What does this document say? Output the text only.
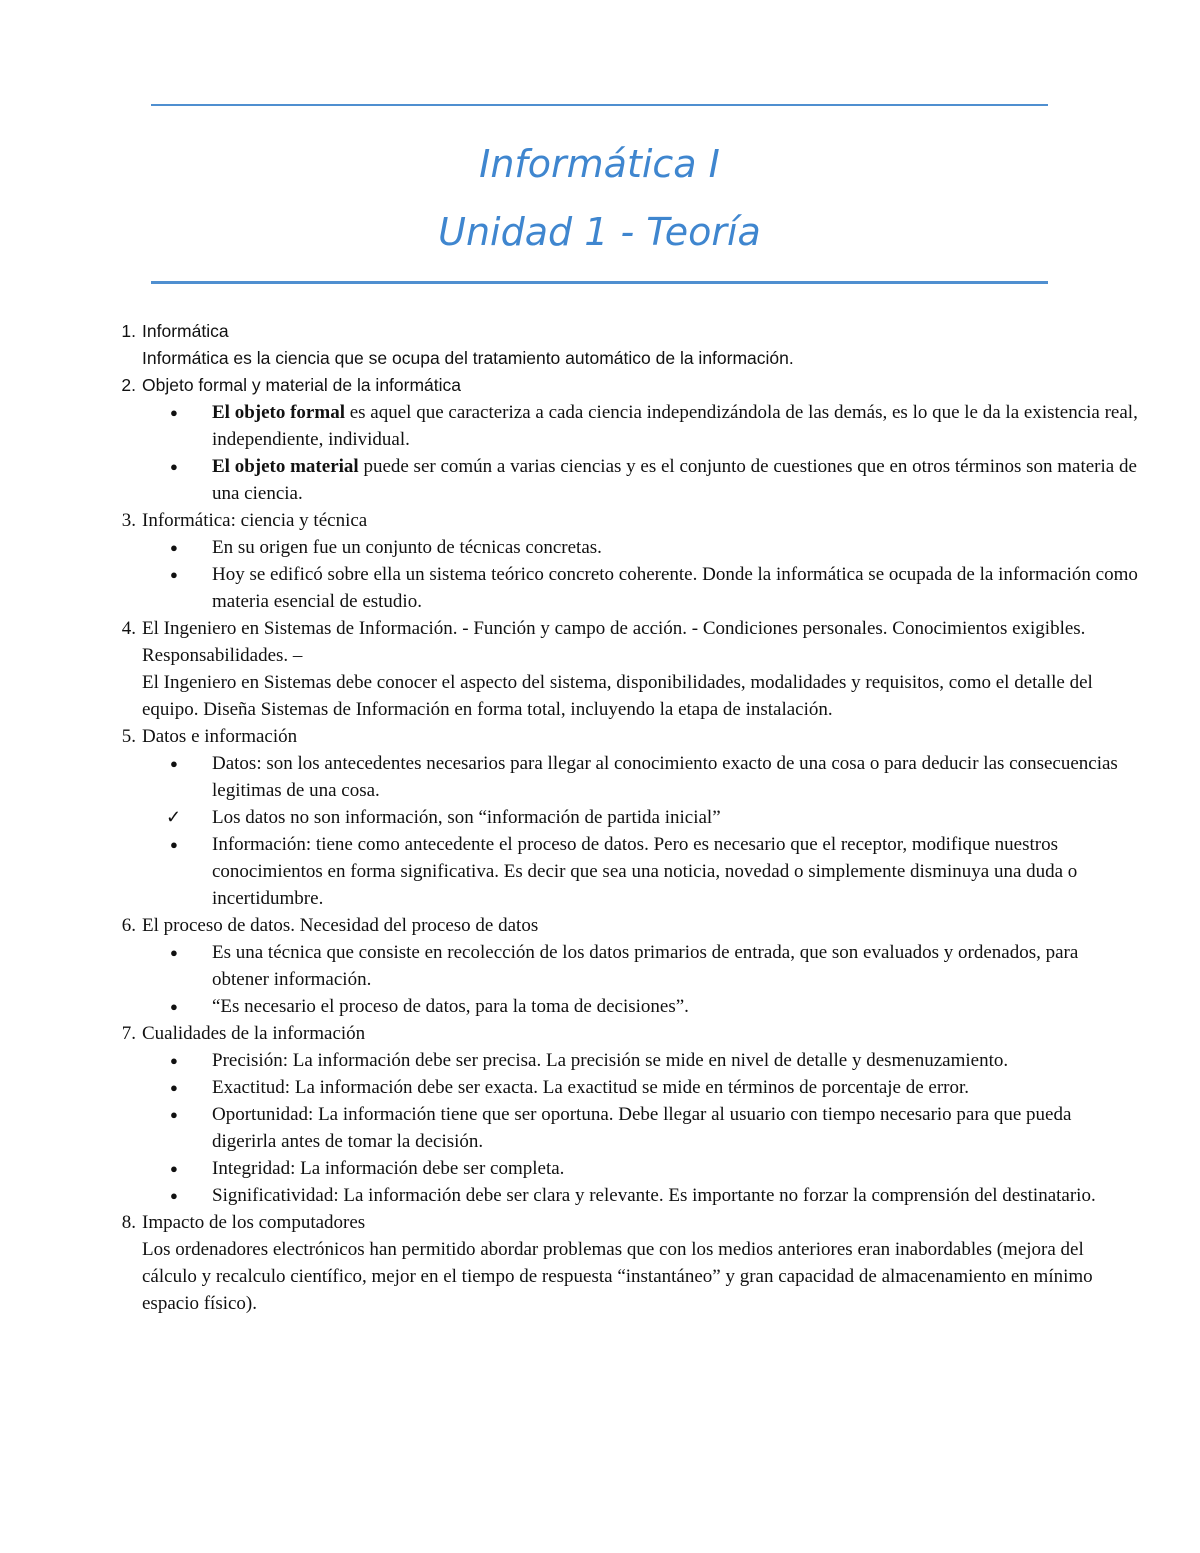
Informática I
Unidad 1 - Teoría
1. Informática

Informática es la ciencia que se ocupa del tratamiento automático de la información.

2. Objeto formal y material de la informática

●	El objeto formal es aquel que caracteriza a cada ciencia independizándola de las demás, es lo que le da la existencia real, independiente, individual.

●	El objeto material puede ser común a varias ciencias y es el conjunto de cuestiones que en otros términos son materia de una ciencia.

3. Informática: ciencia y técnica

●	En su origen fue un conjunto de técnicas concretas.

●	Hoy se edificó sobre ella un sistema teórico concreto coherente. Donde la informática se ocupada de la información como materia esencial de estudio.

4. El Ingeniero en Sistemas de Información. - Función y campo de acción. - Condiciones personales. Conocimientos exigibles. Responsabilidades. –

El Ingeniero en Sistemas debe conocer el aspecto del sistema, disponibilidades, modalidades y requisitos, como el detalle del equipo. Diseña Sistemas de Información en forma total, incluyendo la etapa de instalación.

5. Datos e información

●	Datos: son los antecedentes necesarios para llegar al conocimiento exacto de una cosa o para deducir las consecuencias legitimas de una cosa.

✓	Los datos no son información, son “información de partida inicial”

●	Información: tiene como antecedente el proceso de datos. Pero es necesario que el receptor, modifique nuestros conocimientos en forma significativa. Es decir que sea una noticia, novedad o simplemente disminuya una duda o incertidumbre.

6. El proceso de datos. Necesidad del proceso de datos

●	Es una técnica que consiste en recolección de los datos primarios de entrada, que son evaluados y ordenados, para obtener información.

●	“Es necesario el proceso de datos, para la toma de decisiones”.

7. Cualidades de la información

●	Precisión: La información debe ser precisa. La precisión se mide en nivel de detalle y desmenuzamiento.

●	Exactitud: La información debe ser exacta. La exactitud se mide en términos de porcentaje de error.

●	Oportunidad: La información tiene que ser oportuna. Debe llegar al usuario con tiempo necesario para que pueda digerirla antes de tomar la decisión.

●	Integridad: La información debe ser completa.

●	Significatividad: La información debe ser clara y relevante. Es importante no forzar la comprensión del destinatario.

8. Impacto de los computadores

Los ordenadores electrónicos han permitido abordar problemas que con los medios anteriores eran inabordables (mejora del cálculo y recalculo científico, mejor en el tiempo de respuesta “instantáneo” y gran capacidad de almacenamiento en mínimo espacio físico).
